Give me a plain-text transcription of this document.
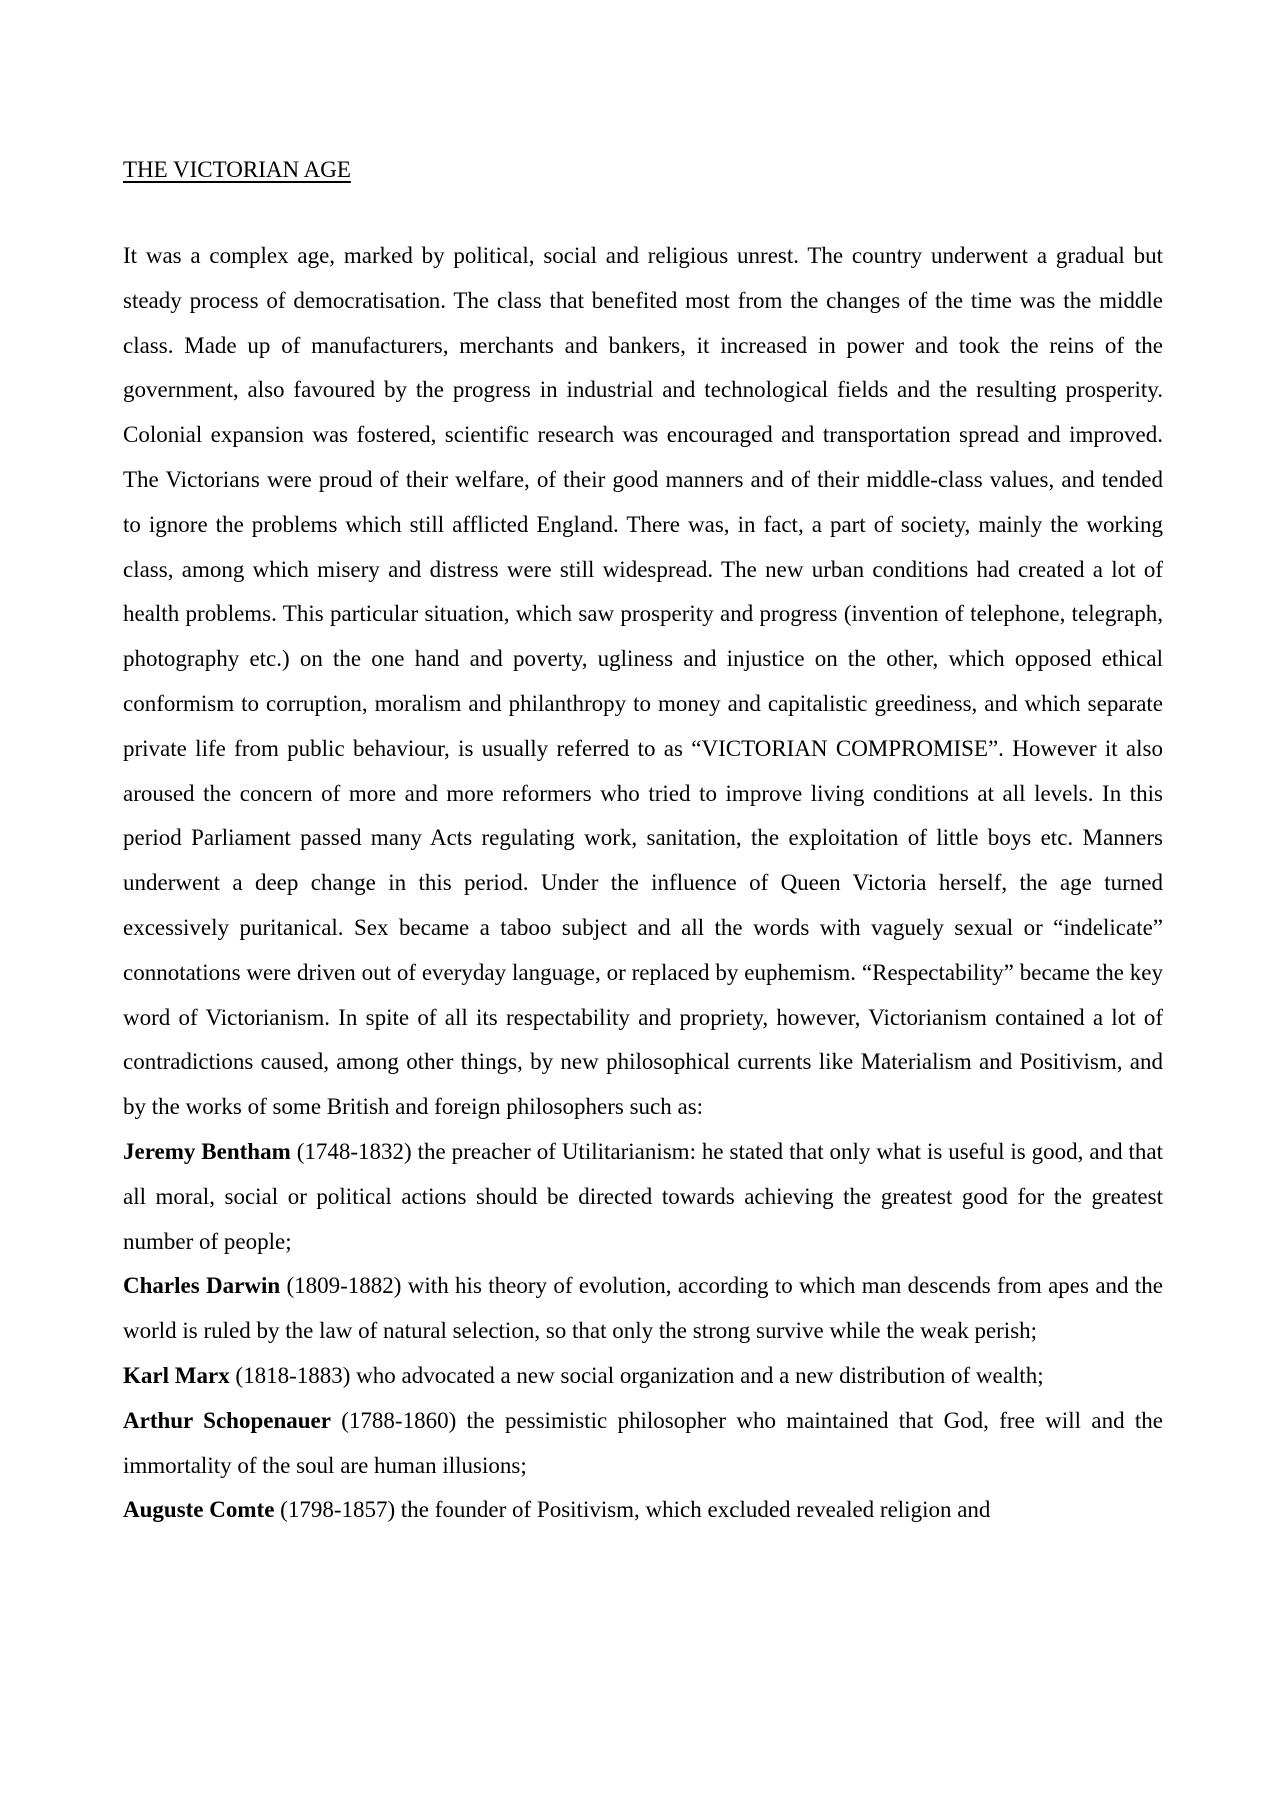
THE VICTORIAN AGE

It was a complex age, marked by political, social and religious unrest. The country underwent a gradual but steady process of democratisation. The class that benefited most from the changes of the time was the middle class. Made up of manufacturers, merchants and bankers, it increased in power and took the reins of the government, also favoured by the progress in industrial and technological fields and the resulting prosperity. Colonial expansion was fostered, scientific research was encouraged and transportation spread and improved. The Victorians were proud of their welfare, of their good manners and of their middle-class values, and tended to ignore the problems which still afflicted England. There was, in fact, a part of society, mainly the working class, among which misery and distress were still widespread. The new urban conditions had created a lot of health problems. This particular situation, which saw prosperity and progress (invention of telephone, telegraph, photography etc.) on the one hand and poverty, ugliness and injustice on the other, which opposed ethical conformism to corruption, moralism and philanthropy to money and capitalistic greediness, and which separate private life from public behaviour, is usually referred to as “VICTORIAN COMPROMISE”. However it also aroused the concern of more and more reformers who tried to improve living conditions at all levels. In this period Parliament passed many Acts regulating work, sanitation, the exploitation of little boys etc. Manners underwent a deep change in this period. Under the influence of Queen Victoria herself, the age turned excessively puritanical. Sex became a taboo subject and all the words with vaguely sexual or “indelicate” connotations were driven out of everyday language, or replaced by euphemism. “Respectability” became the key word of Victorianism. In spite of all its respectability and propriety, however, Victorianism contained a lot of contradictions caused, among other things, by new philosophical currents like Materialism and Positivism, and by the works of some British and foreign philosophers such as:

Jeremy Bentham (1748-1832) the preacher of Utilitarianism: he stated that only what is useful is good, and that all moral, social or political actions should be directed towards achieving the greatest good for the greatest number of people;

Charles Darwin (1809-1882) with his theory of evolution, according to which man descends from apes and the world is ruled by the law of natural selection, so that only the strong survive while the weak perish;

Karl Marx (1818-1883) who advocated a new social organization and a new distribution of wealth;

Arthur Schopenauer (1788-1860) the pessimistic philosopher who maintained that God, free will and the immortality of the soul are human illusions;

Auguste Comte (1798-1857) the founder of Positivism, which excluded revealed religion and
